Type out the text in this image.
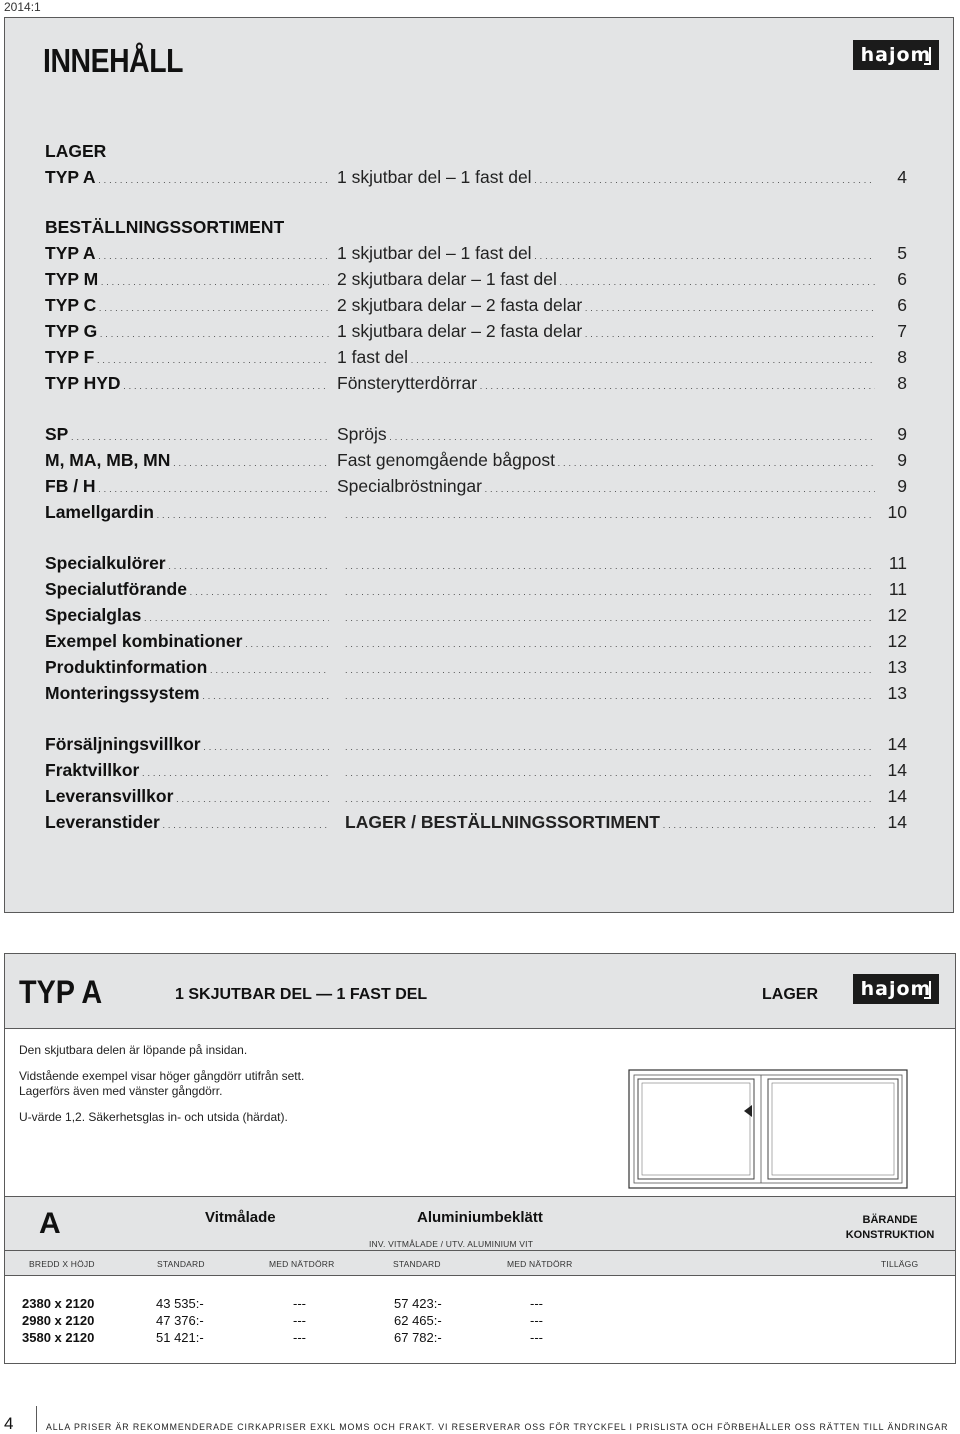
2014:1
INNEHÅLL	hajom
LAGER
TYP A . . .	1 skjutbar del – 1 fast del . . .	4
BESTÄLLNINGSSORTIMENT
TYP A . . .	1 skjutbar del – 1 fast del . . .	5
TYP M . . .	2 skjutbara delar – 1 fast del . . .	6
TYP C . . .	2 skjutbara delar – 2 fasta delar . . .	6
TYP G . . .	1 skjutbara delar – 2 fasta delar . . .	7
TYP F . . .	1 fast del . . .	8
TYP HYD . . .	Fönsterytterdörrar . . .	8
SP . . .	Spröjs . . .	9
M, MA, MB, MN . . .	Fast genomgående bågpost . . .	9
FB / H . . .	Specialbröstningar . . .	9
Lamellgardin . . . . . .	10
Specialkulörer . . . . . .	11
Specialutförande . . . . . .	11
Specialglas . . . . . .	12
Exempel kombinationer . . . . . .	12
Produktinformation . . . . . .	13
Monteringssystem . . . . . .	13
Försäljningsvillkor . . . . . .	14
Fraktvillkor . . . . . .	14
Leveransvillkor . . . . . .	14
Leveranstider . . .	LAGER / BESTÄLLNINGSSORTIMENT . . .	14
TYP A	1 SKJUTBAR DEL — 1 FAST DEL	LAGER hajom
Den skjutbara delen är löpande på insidan.
Vidstående exempel visar höger gångdörr utifrån sett.
Lagerförs även med vänster gångdörr.
U-värde 1,2. Säkerhetsglas in- och utsida (härdat).
A	Vitmålade	Aluminiumbeklätt
INV. VITMÅLADE / UTV. ALUMINIUM VIT
BÄRANDE
KONSTRUKTION
BREDD X HÖJD	STANDARD	MED NÄTDÖRR	STANDARD	MED NÄTDÖRR	TILLÄGG
2380 x 2120	43 535:-	---	57 423:-	---
2980 x 2120	47 376:-	---	62 465:-	---
3580 x 2120	51 421:-	---	67 782:-	---
4	ALLA PRISER ÄR REKOMMENDERADE CIRKAPRISER EXKL MOMS OCH FRAKT. VI RESERVERAR OSS FÖR TRYCKFEL I PRISLISTA OCH FÖRBEHÅLLER OSS RÄTTEN TILL ÄNDRINGAR
